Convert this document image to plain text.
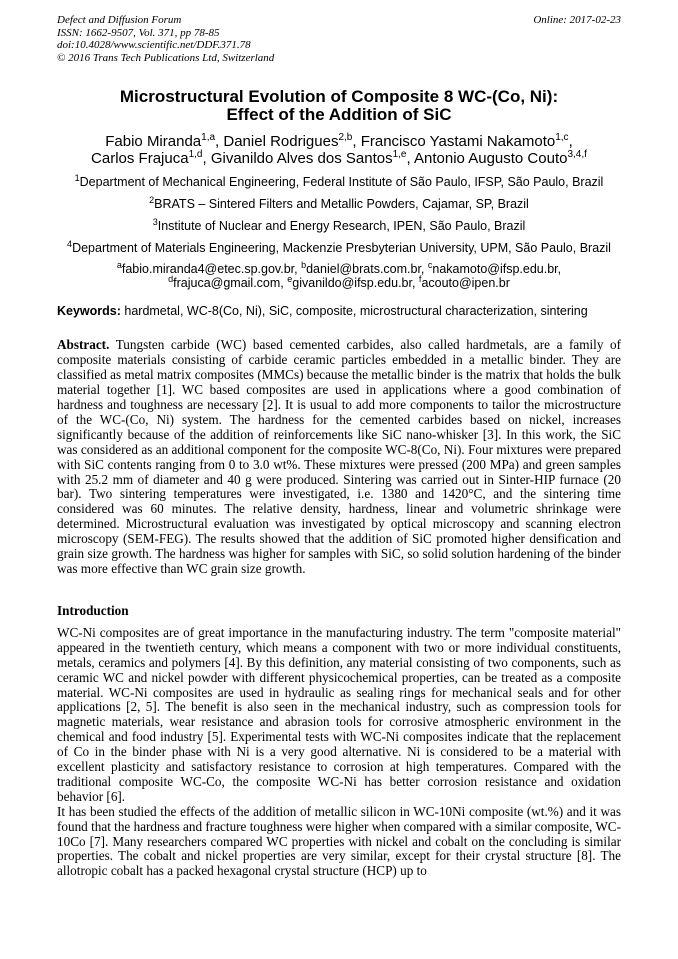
Defect and Diffusion Forum
ISSN: 1662-9507, Vol. 371, pp 78-85
doi:10.4028/www.scientific.net/DDF.371.78
© 2016 Trans Tech Publications Ltd, Switzerland
Online: 2017-02-23
Microstructural Evolution of Composite 8 WC-(Co, Ni):
Effect of the Addition of SiC
Fabio Miranda$^{1,a}$, Daniel Rodrigues$^{2,b}$, Francisco Yastami Nakamoto$^{1,c}$,
Carlos Frajuca$^{1,d}$, Givanildo Alves dos Santos$^{1,e}$, Antonio Augusto Couto$^{3,4,f}$
$^1$Department of Mechanical Engineering, Federal Institute of São Paulo, IFSP, São Paulo, Brazil
$^2$BRATS – Sintered Filters and Metallic Powders, Cajamar, SP, Brazil
$^3$Institute of Nuclear and Energy Research, IPEN, São Paulo, Brazil
$^4$Department of Materials Engineering, Mackenzie Presbyterian University, UPM, São Paulo, Brazil
$^a$fabio.miranda4@etec.sp.gov.br, $^b$daniel@brats.com.br, $^c$nakamoto@ifsp.edu.br,
$^d$frajuca@gmail.com, $^e$givanildo@ifsp.edu.br, $^f$acouto@ipen.br
Keywords: hardmetal, WC-8(Co, Ni), SiC, composite, microstructural characterization, sintering
Abstract. Tungsten carbide (WC) based cemented carbides, also called hardmetals, are a family of composite materials consisting of carbide ceramic particles embedded in a metallic binder. They are classified as metal matrix composites (MMCs) because the metallic binder is the matrix that holds the bulk material together [1]. WC based composites are used in applications where a good combination of hardness and toughness are necessary [2]. It is usual to add more components to tailor the microstructure of the WC-(Co, Ni) system. The hardness for the cemented carbides based on nickel, increases significantly because of the addition of reinforcements like SiC nano-whisker [3]. In this work, the SiC was considered as an additional component for the composite WC-8(Co, Ni). Four mixtures were prepared with SiC contents ranging from 0 to 3.0 wt%. These mixtures were pressed (200 MPa) and green samples with 25.2 mm of diameter and 40 g were produced. Sintering was carried out in Sinter-HIP furnace (20 bar). Two sintering temperatures were investigated, i.e. 1380 and 1420°C, and the sintering time considered was 60 minutes. The relative density, hardness, linear and volumetric shrinkage were determined. Microstructural evaluation was investigated by optical microscopy and scanning electron microscopy (SEM-FEG). The results showed that the addition of SiC promoted higher densification and grain size growth. The hardness was higher for samples with SiC, so solid solution hardening of the binder was more effective than WC grain size growth.
Introduction

WC-Ni composites are of great importance in the manufacturing industry. The term "composite material" appeared in the twentieth century, which means a component with two or more individual constituents, metals, ceramics and polymers [4]. By this definition, any material consisting of two components, such as ceramic WC and nickel powder with different physicochemical properties, can be treated as a composite material. WC-Ni composites are used in hydraulic as sealing rings for mechanical seals and for other applications [2, 5]. The benefit is also seen in the mechanical industry, such as compression tools for magnetic materials, wear resistance and abrasion tools for corrosive atmospheric environment in the chemical and food industry [5]. Experimental tests with WC-Ni composites indicate that the replacement of Co in the binder phase with Ni is a very good alternative. Ni is considered to be a material with excellent plasticity and satisfactory resistance to corrosion at high temperatures. Compared with the traditional composite WC-Co, the composite WC-Ni has better corrosion resistance and oxidation behavior [6].

It has been studied the effects of the addition of metallic silicon in WC-10Ni composite (wt.%) and it was found that the hardness and fracture toughness were higher when compared with a similar composite, WC-10Co [7]. Many researchers compared WC properties with nickel and cobalt on the concluding is similar properties. The cobalt and nickel properties are very similar, except for their crystal structure [8]. The allotropic cobalt has a packed hexagonal crystal structure (HCP) up to
